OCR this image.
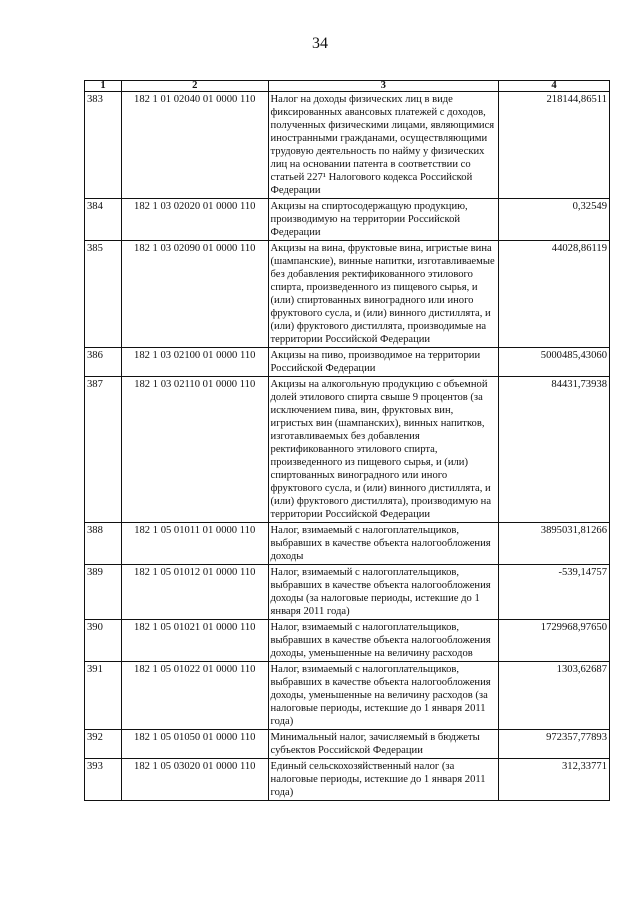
34
1	2	3	4
383	182 1 01 02040 01 0000 110	Налог на доходы физических лиц в виде фиксированных авансовых платежей с доходов, полученных физическими лицами, являющимися иностранными гражданами, осуществляющими трудовую деятельность по найму у физических лиц на основании патента в соответствии со статьей 227¹ Налогового кодекса Российской Федерации	218144,86511
384	182 1 03 02020 01 0000 110	Акцизы на спиртосодержащую продукцию, производимую на территории Российской Федерации	0,32549
385	182 1 03 02090 01 0000 110	Акцизы на вина, фруктовые вина, игристые вина (шампанские), винные напитки, изготавливаемые без добавления ректификованного этилового спирта, произведенного из пищевого сырья, и (или) спиртованных виноградного или иного фруктового сусла, и (или) винного дистиллята, и (или) фруктового дистиллята, производимые на территории Российской Федерации	44028,86119
386	182 1 03 02100 01 0000 110	Акцизы на пиво, производимое на территории Российской Федерации	5000485,43060
387	182 1 03 02110 01 0000 110	Акцизы на алкогольную продукцию с объемной долей этилового спирта свыше 9 процентов (за исключением пива, вин, фруктовых вин, игристых вин (шампанских), винных напитков, изготавливаемых без добавления ректификованного этилового спирта, произведенного из пищевого сырья, и (или) спиртованных виноградного или иного фруктового сусла, и (или) винного дистиллята, и (или) фруктового дистиллята), производимую на территории Российской Федерации	84431,73938
388	182 1 05 01011 01 0000 110	Налог, взимаемый с налогоплательщиков, выбравших в качестве объекта налогообложения доходы	3895031,81266
389	182 1 05 01012 01 0000 110	Налог, взимаемый с налогоплательщиков, выбравших в качестве объекта налогообложения доходы (за налоговые периоды, истекшие до 1 января 2011 года)	-539,14757
390	182 1 05 01021 01 0000 110	Налог, взимаемый с налогоплательщиков, выбравших в качестве объекта налогообложения доходы, уменьшенные на величину расходов	1729968,97650
391	182 1 05 01022 01 0000 110	Налог, взимаемый с налогоплательщиков, выбравших в качестве объекта налогообложения доходы, уменьшенные на величину расходов (за налоговые периоды, истекшие до 1 января 2011 года)	1303,62687
392	182 1 05 01050 01 0000 110	Минимальный налог, зачисляемый в бюджеты субъектов Российской Федерации	972357,77893
393	182 1 05 03020 01 0000 110	Единый сельскохозяйственный налог (за налоговые периоды, истекшие до 1 января 2011 года)	312,33771
